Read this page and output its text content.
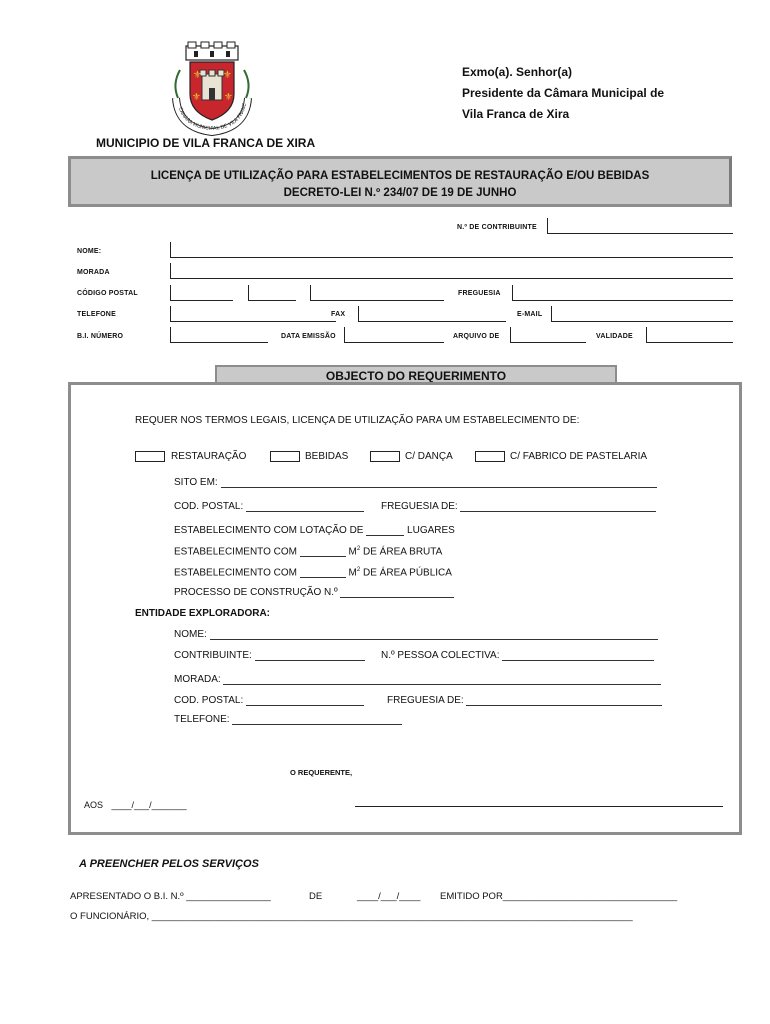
⚜ ⚜
⚜ ⚜
CAMARA MUNICIPAL DE VILA FRANC
Exmo(a). Senhor(a)
Presidente da Câmara Municipal de
Vila Franca de Xira
MUNICIPIO DE VILA FRANCA DE XIRA
LICENÇA DE UTILIZAÇÃO PARA ESTABELECIMENTOS DE RESTAURAÇÃO E/OU BEBIDAS
DECRETO-LEI N.º 234/07 DE 19 DE JUNHO
N.º DE CONTRIBUINTE
NOME:
MORADA
CÓDIGO POSTAL	FREGUESIA
TELEFONE	FAX	E-MAIL
B.I. NÚMERO	DATA EMISSÃO	ARQUIVO DE	VALIDADE
OBJECTO DO REQUERIMENTO
REQUER NOS TERMOS LEGAIS, LICENÇA DE UTILIZAÇÃO PARA UM ESTABELECIMENTO DE:
RESTAURAÇÃO	BEBIDAS	C/ DANÇA	C/ FABRICO DE PASTELARIA
SITO EM:
COD. POSTAL:	FREGUESIA DE:
ESTABELECIMENTO COM LOTAÇÃO DE	LUGARES
ESTABELECIMENTO COM	$M^2$ DE ÁREA BRUTA
ESTABELECIMENTO COM	$M^2$ DE ÁREA PÚBLICA
PROCESSO DE CONSTRUÇÃO N.º
ENTIDADE EXPLORADORA:
NOME:
CONTRIBUINTE:	N.º PESSOA COLECTIVA:
MORADA:
COD. POSTAL:	FREGUESIA DE:
TELEFONE:
O REQUERENTE,
AOS ____/___/_______
A PREENCHER PELOS SERVIÇOS
APRESENTADO O B.I. N.º ________________	DE	____/___/____ EMITIDO POR_________________________________
O FUNCIONÁRIO, ___________________________________________________________________________________________
